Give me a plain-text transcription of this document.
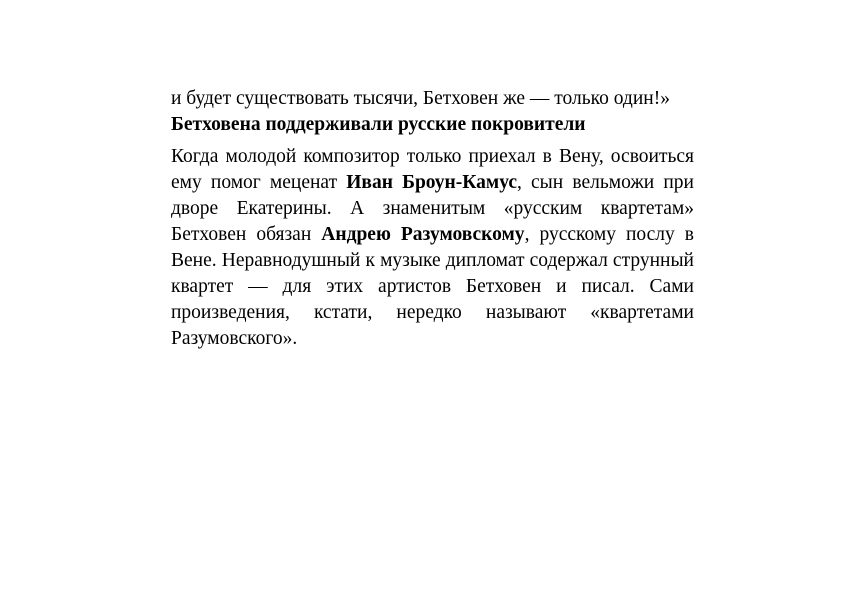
и будет существовать тысячи, Бетховен же — только один!»

Бетховена поддерживали русские покровители

Когда молодой композитор только приехал в Вену, освоиться ему помог меценат Иван Броун-Камус, сын вельможи при дворе Екатерины. А знаменитым «русским квартетам» Бетховен обязан Андрею Разумовскому, русскому послу в Вене. Неравнодушный к музыке дипломат содержал струнный квартет — для этих артистов Бетховен и писал. Сами произведения, кстати, нередко называют «квартетами Разумовского».
